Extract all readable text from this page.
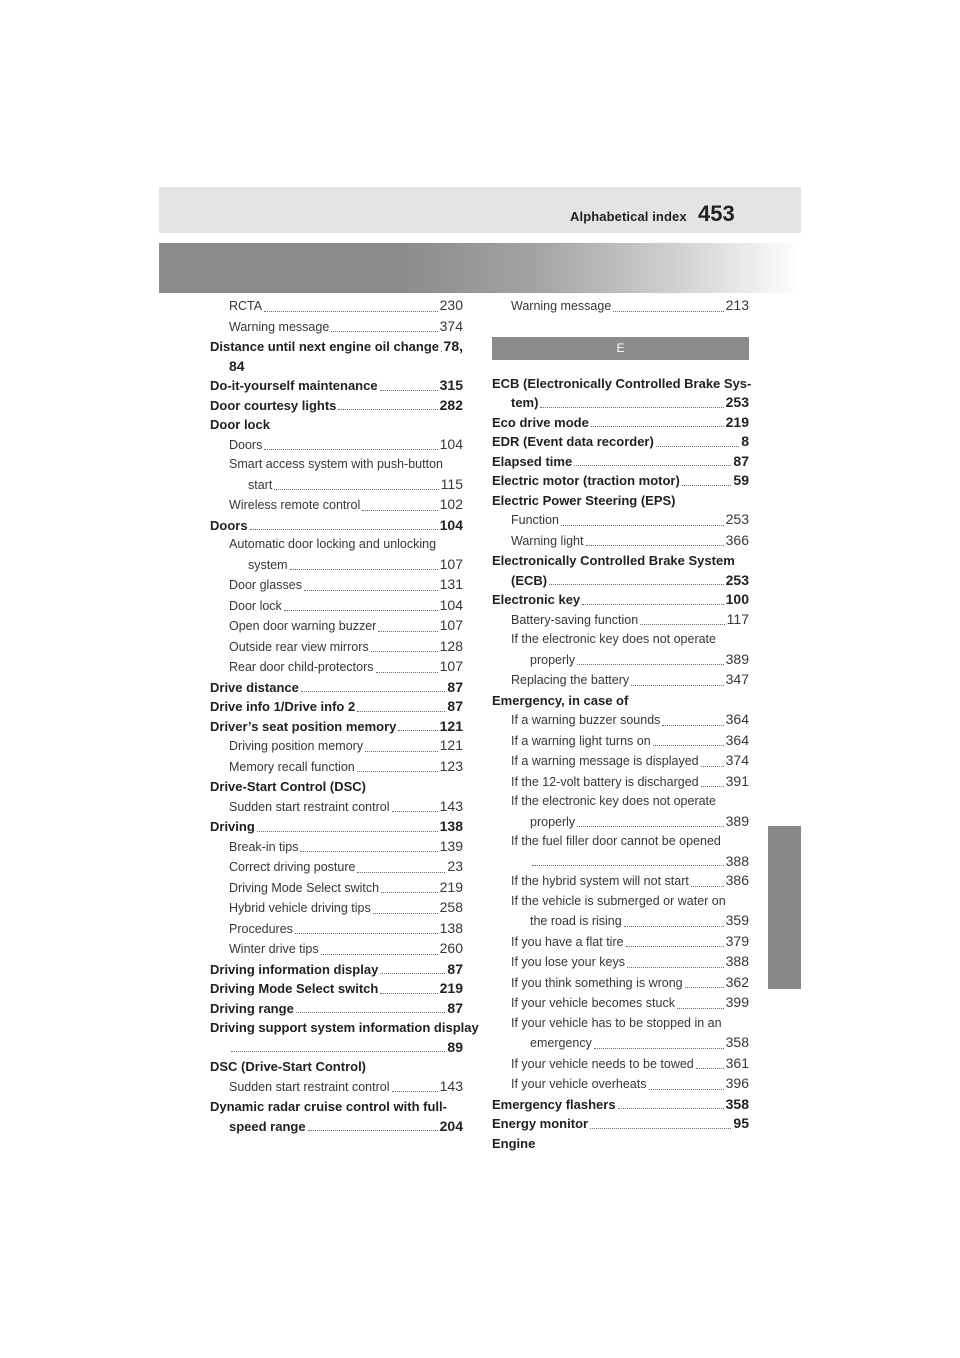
Alphabetical index 453
RCTA	230
Warning message	374
Distance until next engine oil change 78,
84
Do-it-yourself maintenance	315
Door courtesy lights	282
Door lock
Doors	104
Smart access system with push-button
start	115
Wireless remote control	102
Doors	104
Automatic door locking and unlocking
system	107
Door glasses	131
Door lock	104
Open door warning buzzer	107
Outside rear view mirrors	128
Rear door child-protectors	107
Drive distance	87
Drive info 1/Drive info 2	87
Driver’s seat position memory	121
Driving position memory	121
Memory recall function	123
Drive-Start Control (DSC)
Sudden start restraint control	143
Driving	138
Break-in tips	139
Correct driving posture	23
Driving Mode Select switch	219
Hybrid vehicle driving tips	258
Procedures	138
Winter drive tips	260
Driving information display	87
Driving Mode Select switch	219
Driving range	87
Driving support system information display
89
DSC (Drive-Start Control)
Sudden start restraint control	143
Dynamic radar cruise control with full-
speed range	204
Warning message	213
E
ECB (Electronically Controlled Brake Sys-
tem)	253
Eco drive mode	219
EDR (Event data recorder)	8
Elapsed time	87
Electric motor (traction motor)	59
Electric Power Steering (EPS)
Function	253
Warning light	366
Electronically Controlled Brake System
(ECB)	253
Electronic key	100
Battery-saving function	117
If the electronic key does not operate
properly	389
Replacing the battery	347
Emergency, in case of
If a warning buzzer sounds	364
If a warning light turns on	364
If a warning message is displayed 374
If the 12-volt battery is discharged 391
If the electronic key does not operate
properly	389
If the fuel filler door cannot be opened
388
If the hybrid system will not start	386
If the vehicle is submerged or water on
the road is rising	359
If you have a flat tire	379
If you lose your keys	388
If you think something is wrong	362
If your vehicle becomes stuck	399
If your vehicle has to be stopped in an
emergency	358
If your vehicle needs to be towed 361
If your vehicle overheats	396
Emergency flashers	358
Energy monitor	95
Engine
